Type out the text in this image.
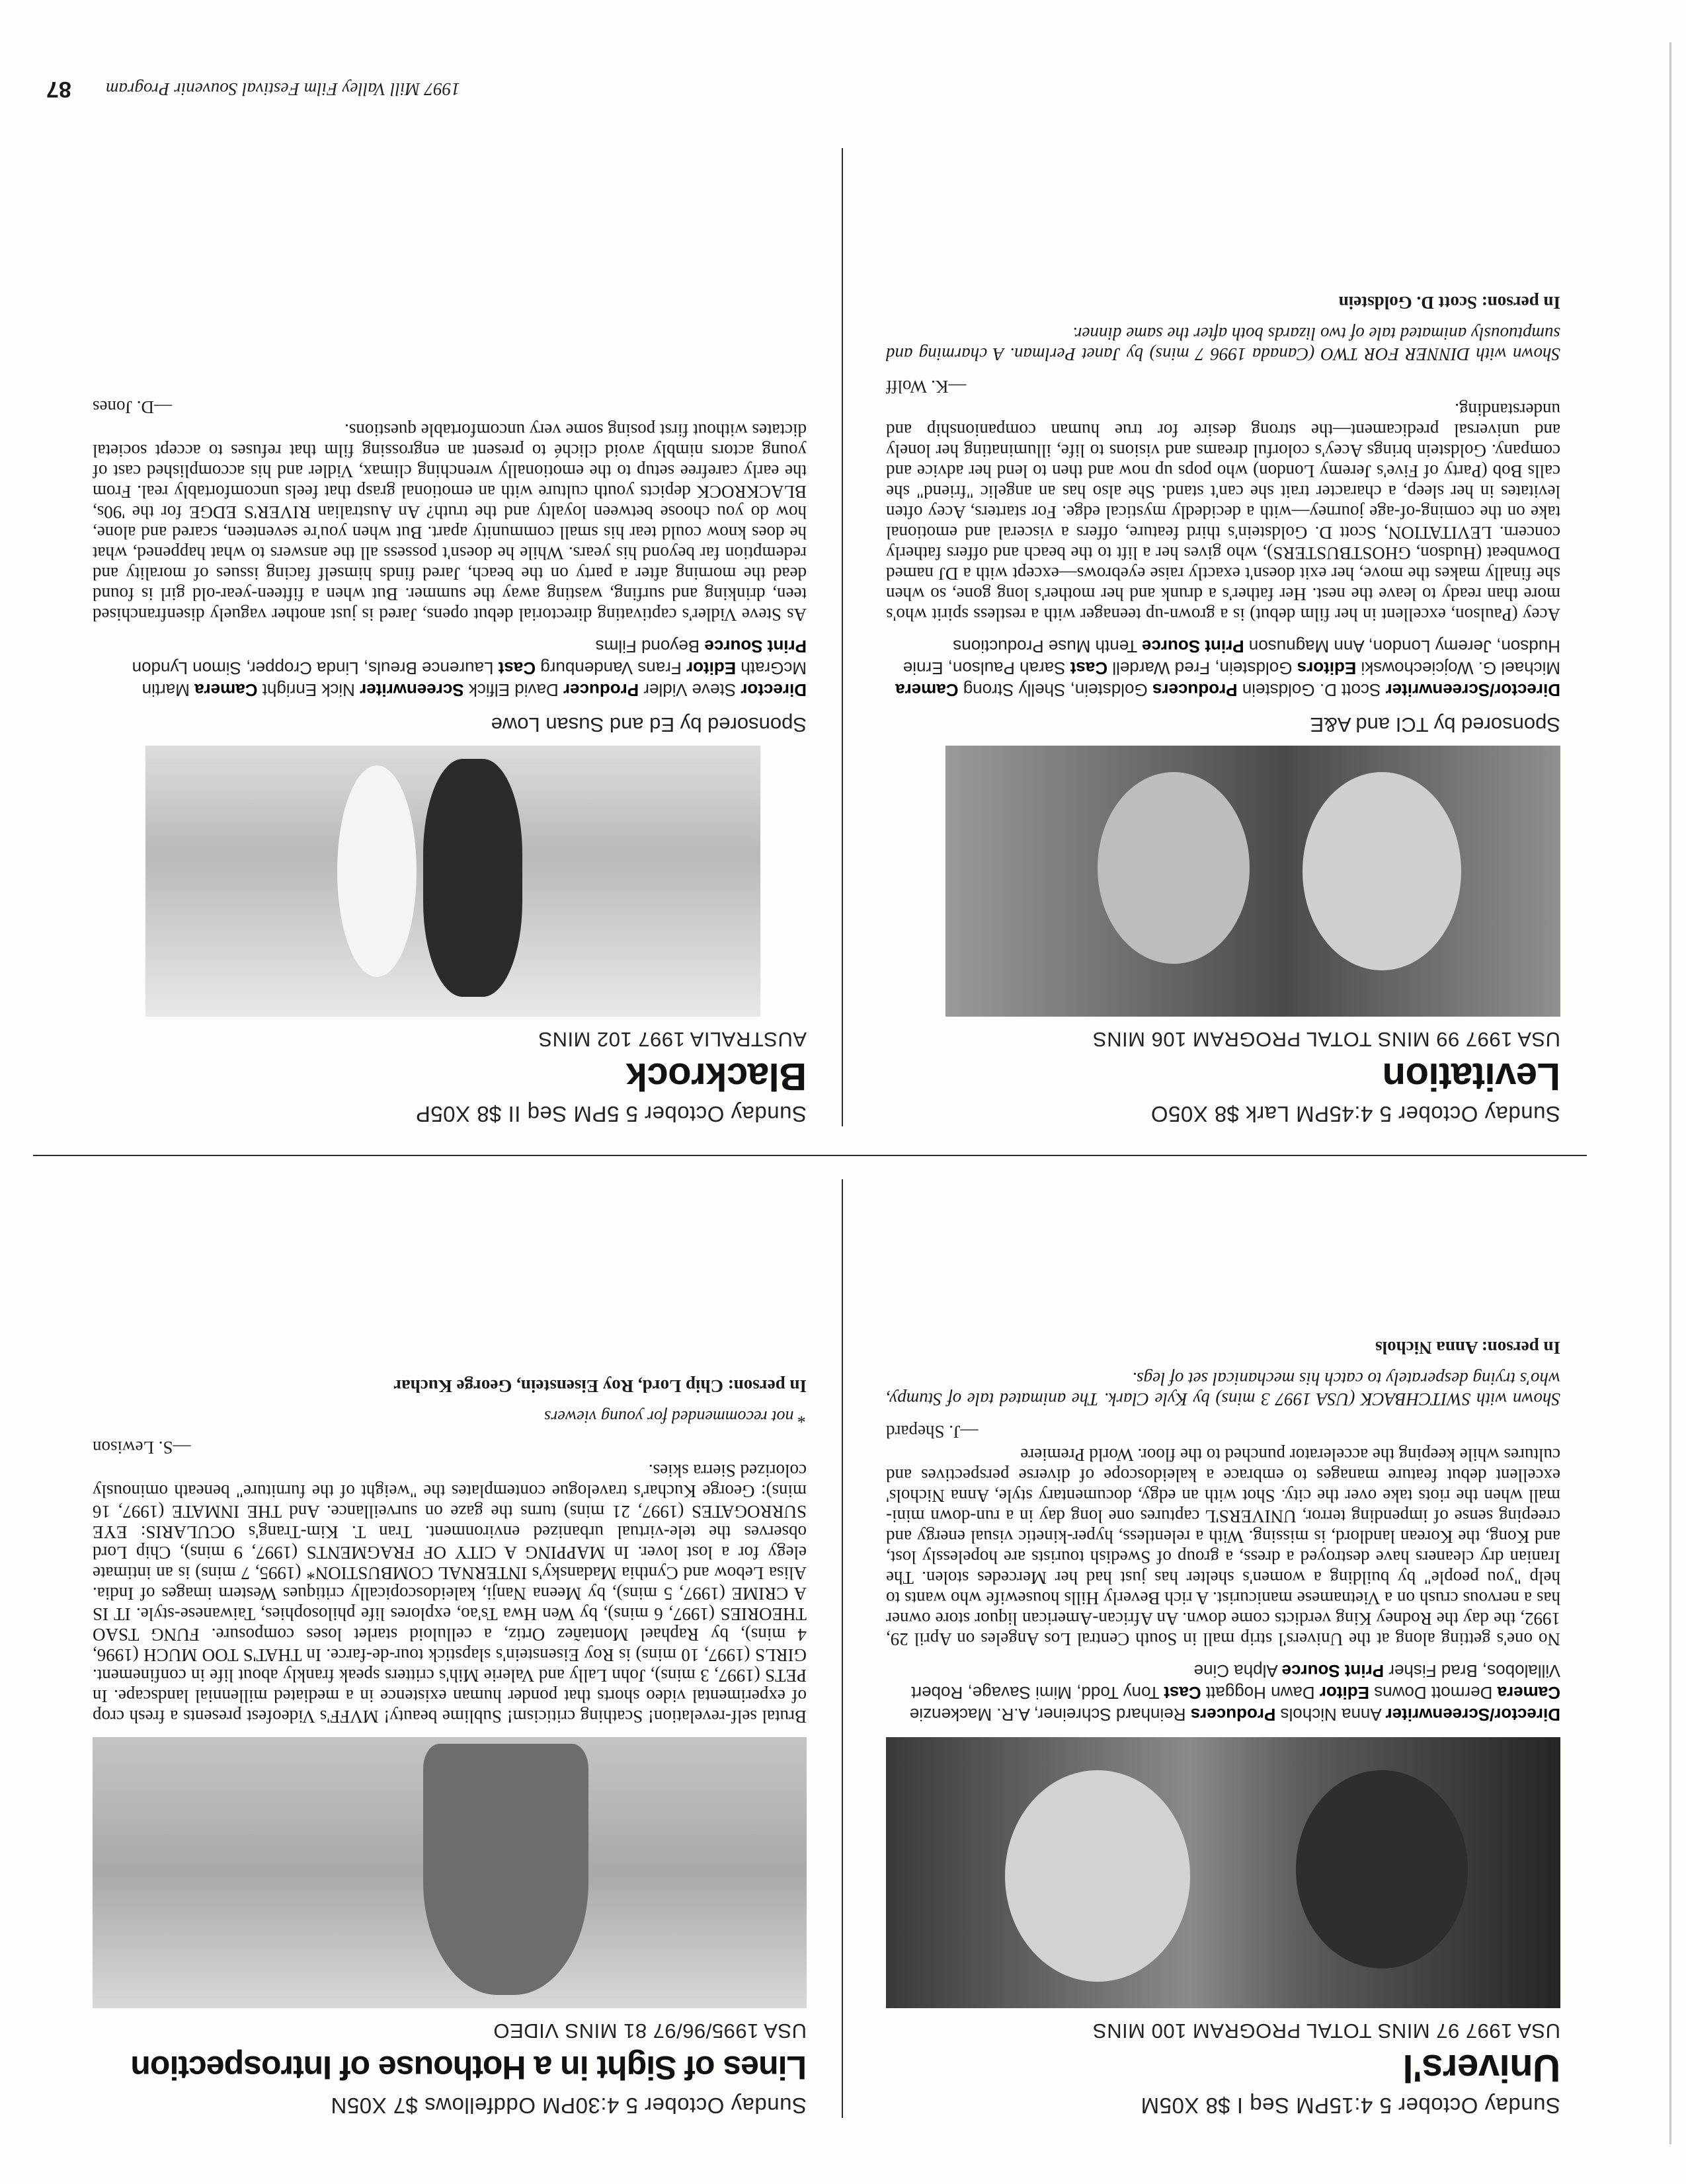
1997 Mill Valley Film Festival Souvenir Program
87
Sunday October 5 4:15PM Seq I $8 X05M
Univers'l
USA 1997 97 MINS TOTAL PROGRAM 100 MINS
Director/Screenwriter Anna Nichols Producers Reinhard Schreiner, A.R. Mackenzie Camera Dermott Downs Editor Dawn Hoggatt Cast Tony Todd, Mimi Savage, Robert Villalobos, Brad Fisher Print Source Alpha Cine
No one's getting along at the Univers'l strip mall in South Central Los Angeles on April 29, 1992, the day the Rodney King verdicts come down. An African-American liquor store owner has a nervous crush on a Vietnamese manicurist. A rich Beverly Hills housewife who wants to help "you people" by building a women's shelter has just had her Mercedes stolen. The Iranian dry cleaners have destroyed a dress, a group of Swedish tourists are hopelessly lost, and Kong, the Korean landlord, is missing. With a relentless, hyper-kinetic visual energy and creeping sense of impending terror, UNIVERS'L captures one long day in a run-down mini-mall when the riots take over the city. Shot with an edgy, documentary style, Anna Nichols' excellent debut feature manages to embrace a kaleidoscope of diverse perspectives and cultures while keeping the accelerator punched to the floor. World Premiere
—J. Shepard
Shown with SWITCHBACK (USA 1997 3 mins) by Kyle Clark. The animated tale of Stumpy, who's trying desperately to catch his mechanical set of legs.
In person: Anna Nichols
Sunday October 5 4:30PM Oddfellows $7 X05N
Lines of Sight in a Hothouse of Introspection
USA 1995/96/97 81 MINS VIDEO
Brutal self-revelation! Scathing criticism! Sublime beauty! MVFF's Videofest presents a fresh crop of experimental video shorts that ponder human existence in a mediated millennial landscape. In PETS (1997, 3 mins), John Lally and Valerie Mih's critters speak frankly about life in confinement. GIRLS (1997, 10 mins) is Roy Eisenstein's slapstick tour-de-farce. In THAT'S TOO MUCH (1996, 4 mins), by Raphael Montañez Ortiz, a celluloid starlet loses composure. FUNG TSAO THEORIES (1997, 6 mins), by Wen Hwa Ts'ao, explores life philosophies, Taiwanese-style. IT IS A CRIME (1997, 5 mins), by Meena Nanji, kaleidoscopically critiques Western images of India. Alisa Lebow and Cynthia Madansky's INTERNAL COMBUSTION* (1995, 7 mins) is an intimate elegy for a lost lover. In MAPPING A CITY OF FRAGMENTS (1997, 9 mins), Chip Lord observes the tele-virtual urbanized environment. Tran T. Kim-Trang's OCULARIS: EYE SURROGATES (1997, 21 mins) turns the gaze on surveillance. And THE INMATE (1997, 16 mins): George Kuchar's travelogue contemplates the "weight of the furniture" beneath ominously colorized Sierra skies.
—S. Lewison
* not recommended for young viewers
In person: Chip Lord, Roy Eisenstein, George Kuchar
Sunday October 5 4:45PM Lark $8 X05O
Levitation
USA 1997 99 MINS TOTAL PROGRAM 106 MINS
Sponsored by TCI and A&E
Director/Screenwriter Scott D. Goldstein Producers Goldstein, Shelly Strong Camera Michael G. Wojciechowski Editors Goldstein, Fred Wardell Cast Sarah Paulson, Ernie Hudson, Jeremy London, Ann Magnuson Print Source Tenth Muse Productions
Acey (Paulson, excellent in her film debut) is a grown-up teenager with a restless spirit who's more than ready to leave the nest. Her father's a drunk and her mother's long gone, so when she finally makes the move, her exit doesn't exactly raise eyebrows—except with a DJ named Downbeat (Hudson, GHOSTBUSTERS), who gives her a lift to the beach and offers fatherly concern. LEVITATION, Scott D. Goldstein's third feature, offers a visceral and emotional take on the coming-of-age journey—with a decidedly mystical edge. For starters, Acey often levitates in her sleep, a character trait she can't stand. She also has an angelic "friend" she calls Bob (Party of Five's Jeremy London) who pops up now and then to lend her advice and company. Goldstein brings Acey's colorful dreams and visions to life, illuminating her lonely and universal predicament—the strong desire for true human companionship and understanding.
—K. Wolff
Shown with DINNER FOR TWO (Canada 1996 7 mins) by Janet Perlman. A charming and sumptuously animated tale of two lizards both after the same dinner.
In person: Scott D. Goldstein
Sunday October 5 5PM Seq II $8 X05P
Blackrock
AUSTRALIA 1997 102 MINS
Sponsored by Ed and Susan Lowe
Director Steve Vidler Producer David Elfick Screenwriter Nick Enright Camera Martin McGrath Editor Frans Vandenburg Cast Laurence Breuls, Linda Cropper, Simon Lyndon Print Source Beyond Films
As Steve Vidler's captivating directorial debut opens, Jared is just another vaguely disenfranchised teen, drinking and surfing, wasting away the summer. But when a fifteen-year-old girl is found dead the morning after a party on the beach, Jared finds himself facing issues of morality and redemption far beyond his years. While he doesn't possess all the answers to what happened, what he does know could tear his small community apart. But when you're seventeen, scared and alone, how do you choose between loyalty and the truth? An Australian RIVER'S EDGE for the '90s, BLACKROCK depicts youth culture with an emotional grasp that feels uncomfortably real. From the early carefree setup to the emotionally wrenching climax, Vidler and his accomplished cast of young actors nimbly avoid cliché to present an engrossing film that refuses to accept societal dictates without first posing some very uncomfortable questions.
—D. Jones
